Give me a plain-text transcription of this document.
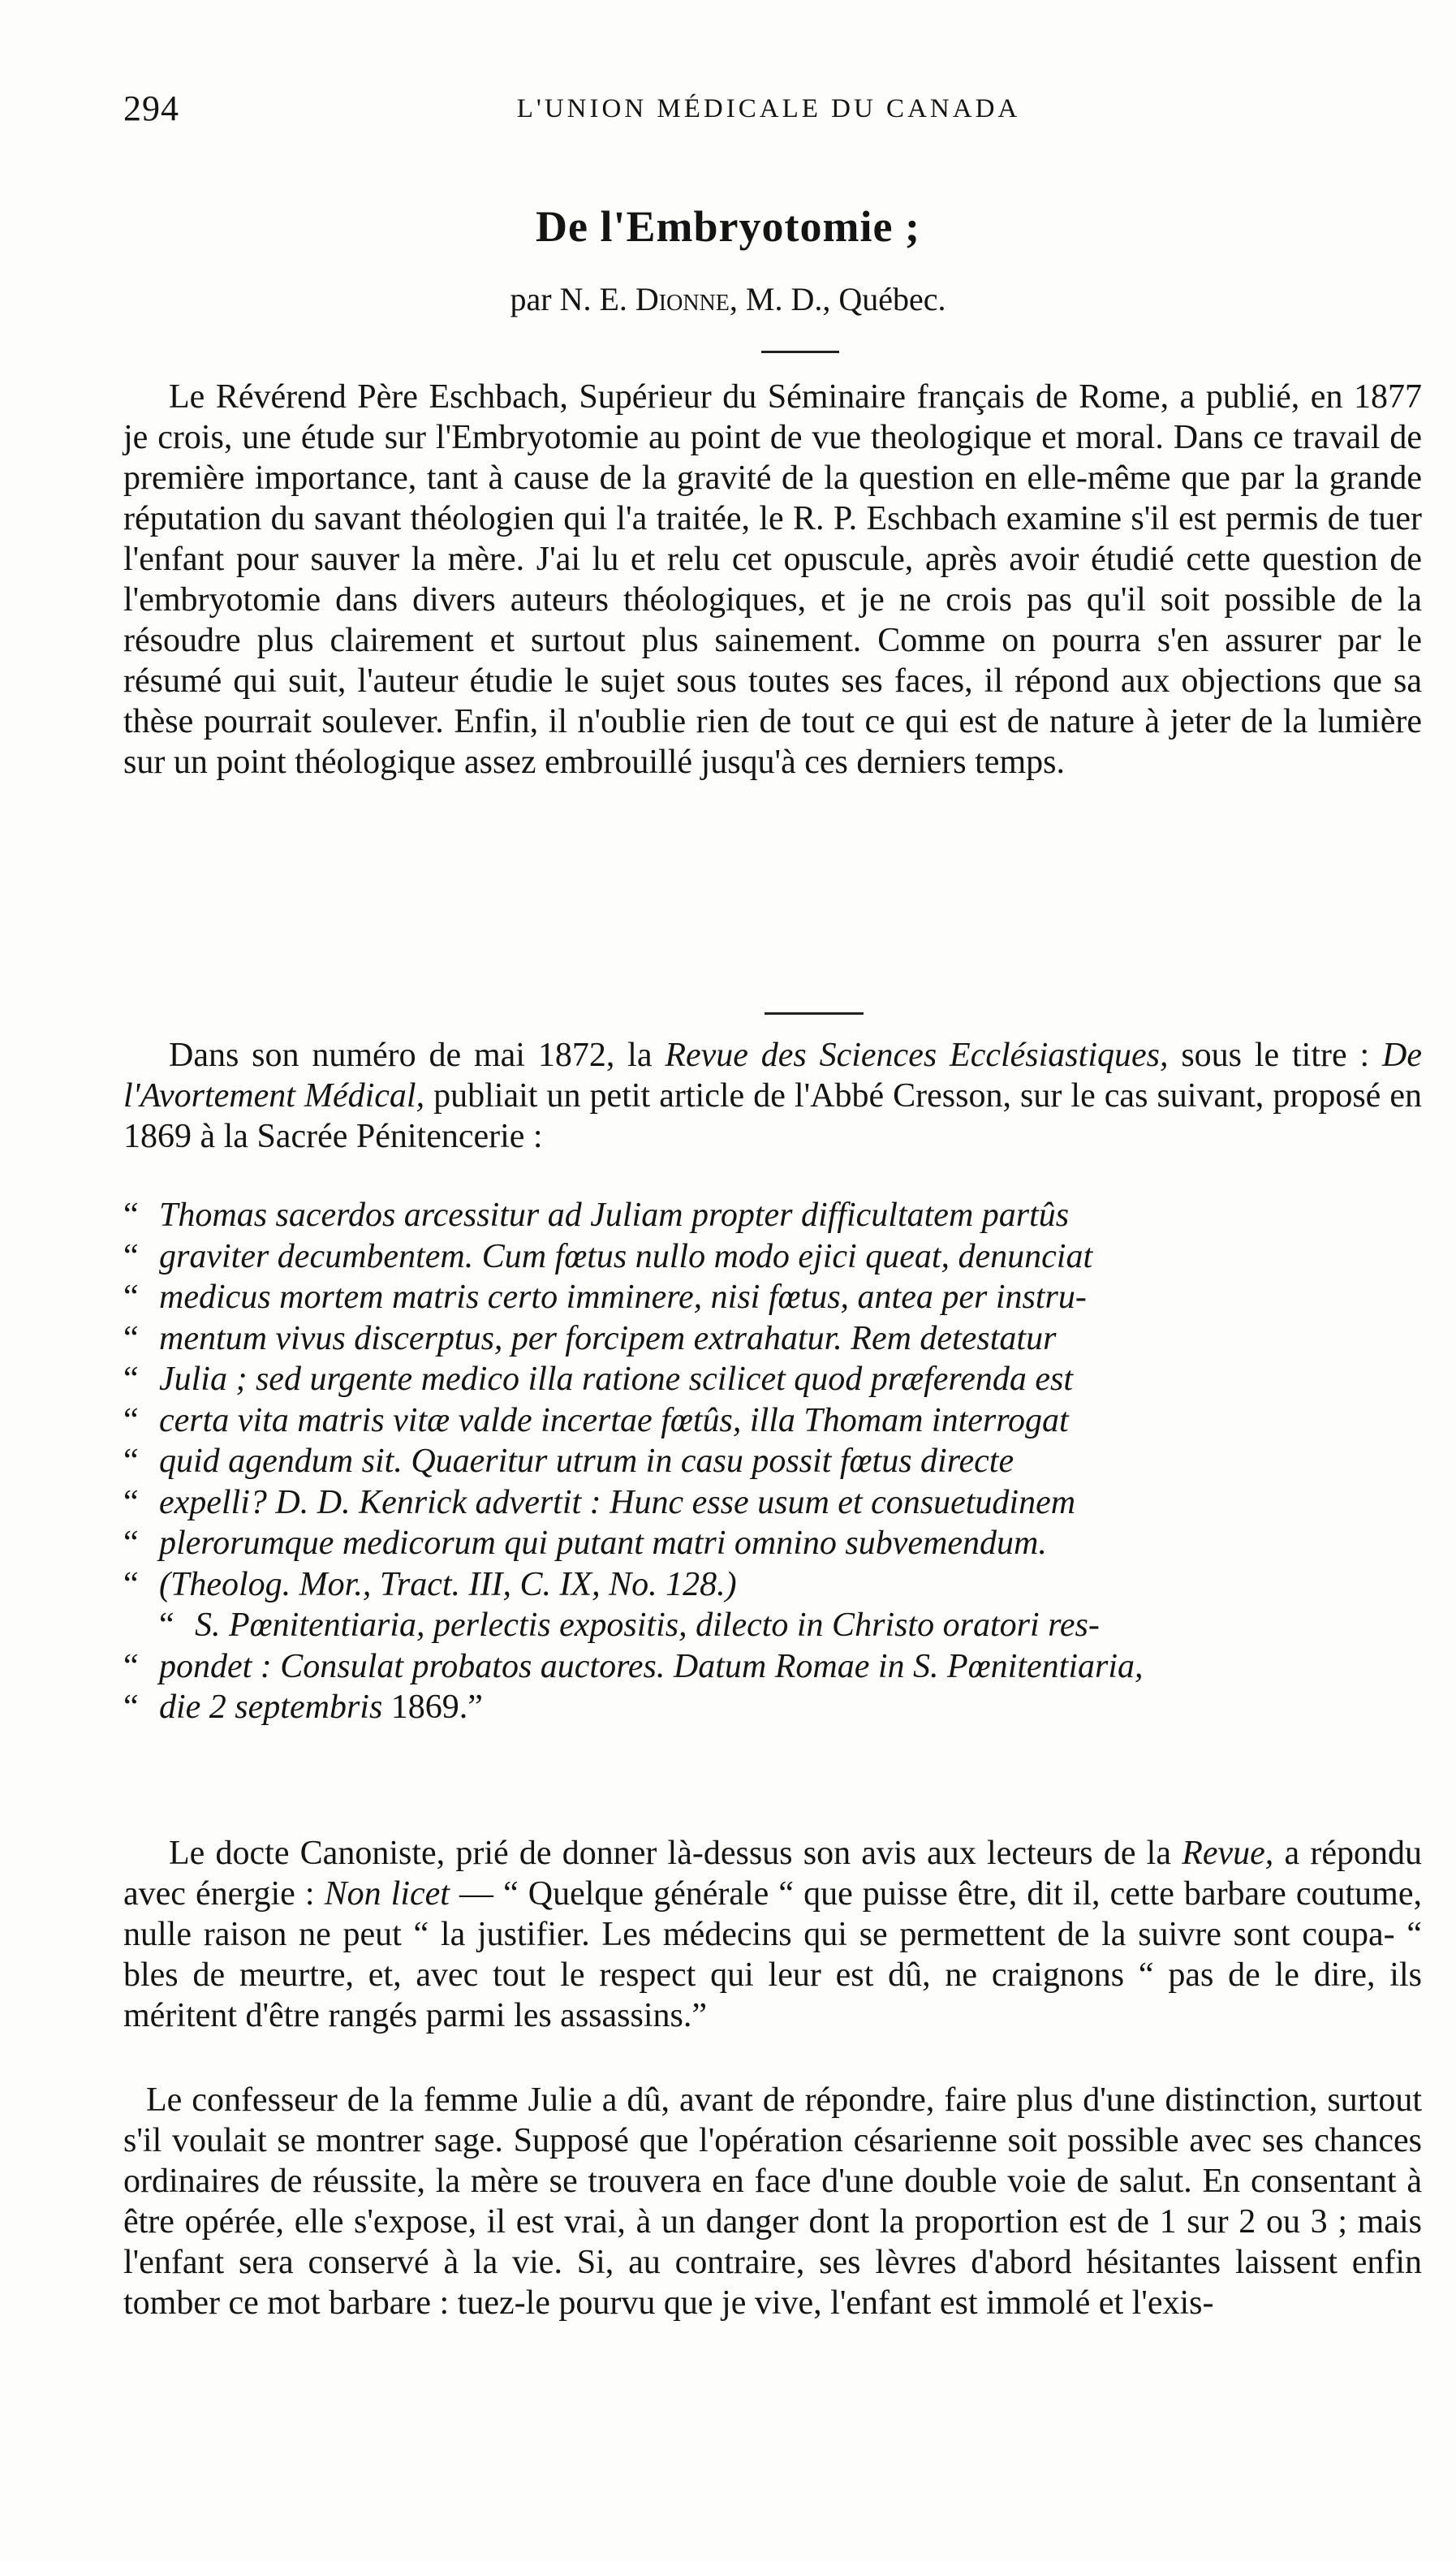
294	L'UNION MÉDICALE DU CANADA
De l'Embryotomie ;
par N. E. Dionne, M. D., Québec.

Le Révérend Père Eschbach, Supérieur du Séminaire français de Rome, a publié, en 1877 je crois, une étude sur l'Embryotomie au point de vue theologique et moral. Dans ce travail de première importance, tant à cause de la gravité de la question en elle-même que par la grande réputation du savant théologien qui l'a traitée, le R. P. Eschbach examine s'il est permis de tuer l'enfant pour sauver la mère. J'ai lu et relu cet opuscule, après avoir étudié cette question de l'embryotomie dans divers auteurs théologiques, et je ne crois pas qu'il soit possible de la résoudre plus clairement et surtout plus sainement. Comme on pourra s'en assurer par le résumé qui suit, l'auteur étudie le sujet sous toutes ses faces, il répond aux objections que sa thèse pourrait soulever. Enfin, il n'oublie rien de tout ce qui est de nature à jeter de la lumière sur un point théologique assez embrouillé jusqu'à ces derniers temps.

Dans son numéro de mai 1872, la Revue des Sciences Ecclésiastiques, sous le titre : De l'Avortement Médical, publiait un petit article de l'Abbé Cresson, sur le cas suivant, proposé en 1869 à la Sacrée Pénitencerie :

“ Thomas sacerdos arcessitur ad Juliam propter difficultatem partûs
“ graviter decumbentem. Cum fœtus nullo modo ejici queat, denunciat
“ medicus mortem matris certo imminere, nisi fœtus, antea per instru-
“ mentum vivus discerptus, per forcipem extrahatur. Rem detestatur
“ Julia ; sed urgente medico illa ratione scilicet quod præferenda est
“ certa vita matris vitæ valde incertae fœtûs, illa Thomam interrogat
“ quid agendum sit. Quaeritur utrum in casu possit fœtus directe
“ expelli? D. D. Kenrick advertit : Hunc esse usum et consuetudinem
“ plerorumque medicorum qui putant matri omnino subvemendum.
“ (Theolog. Mor., Tract. III, C. IX, No. 128.)
“ S. Pœnitentiaria, perlectis expositis, dilecto in Christo oratori res-
“ pondet : Consulat probatos auctores. Datum Romae in S. Pœnitentiaria,
“ die 2 septembris 1869.”

Le docte Canoniste, prié de donner là-dessus son avis aux lecteurs de la Revue, a répondu avec énergie : Non licet — “ Quelque générale “ que puisse être, dit il, cette barbare coutume, nulle raison ne peut “ la justifier. Les médecins qui se permettent de la suivre sont coupa- “ bles de meurtre, et, avec tout le respect qui leur est dû, ne craignons “ pas de le dire, ils méritent d'être rangés parmi les assassins.”

Le confesseur de la femme Julie a dû, avant de répondre, faire plus d'une distinction, surtout s'il voulait se montrer sage. Supposé que l'opération césarienne soit possible avec ses chances ordinaires de réussite, la mère se trouvera en face d'une double voie de salut. En consentant à être opérée, elle s'expose, il est vrai, à un danger dont la proportion est de 1 sur 2 ou 3 ; mais l'enfant sera conservé à la vie. Si, au contraire, ses lèvres d'abord hésitantes laissent enfin tomber ce mot barbare : tuez-le pourvu que je vive, l'enfant est immolé et l'exis-
